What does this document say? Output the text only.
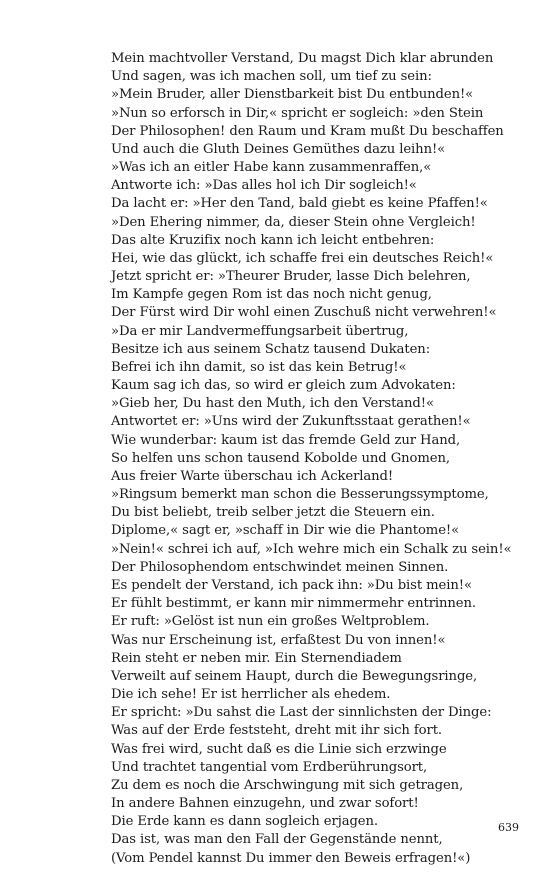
Mein machtvoller Verstand, Du magst Dich klar abrunden
Und sagen, was ich machen soll, um tief zu sein:
»Mein Bruder, aller Dienstbarkeit bist Du entbunden!«
»Nun so erforsch in Dir,« spricht er sogleich: »den Stein
Der Philosophen! den Raum und Kram mußt Du beschaffen
Und auch die Gluth Deines Gemüthes dazu leihn!«
»Was ich an eitler Habe kann zusammenraffen,«
Antworte ich: »Das alles hol ich Dir sogleich!«
Da lacht er: »Her den Tand, bald giebt es keine Pfaffen!«
»Den Ehering nimmer, da, dieser Stein ohne Vergleich!
Das alte Kruzifix noch kann ich leicht entbehren:
Hei, wie das glückt, ich schaffe frei ein deutsches Reich!«
Jetzt spricht er: »Theurer Bruder, lasse Dich belehren,
Im Kampfe gegen Rom ist das noch nicht genug,
Der Fürst wird Dir wohl einen Zuschuß nicht verwehren!«
»Da er mir Landvermeffungsarbeit übertrug,
Besitze ich aus seinem Schatz tausend Dukaten:
Befrei ich ihn damit, so ist das kein Betrug!«
Kaum sag ich das, so wird er gleich zum Advokaten:
»Gieb her, Du hast den Muth, ich den Verstand!«
Antwortet er: »Uns wird der Zukunftsstaat gerathen!«
Wie wunderbar: kaum ist das fremde Geld zur Hand,
So helfen uns schon tausend Kobolde und Gnomen,
Aus freier Warte überschau ich Ackerland!
»Ringsum bemerkt man schon die Besserungssymptome,
Du bist beliebt, treib selber jetzt die Steuern ein.
Diplome,« sagt er, »schaff in Dir wie die Phantome!«
»Nein!« schrei ich auf, »Ich wehre mich ein Schalk zu sein!«
Der Philosophendom entschwindet meinen Sinnen.
Es pendelt der Verstand, ich pack ihn: »Du bist mein!«
Er fühlt bestimmt, er kann mir nimmermehr entrinnen.
Er ruft: »Gelöst ist nun ein großes Weltproblem.
Was nur Erscheinung ist, erfaßtest Du von innen!«
Rein steht er neben mir. Ein Sternendiadem
Verweilt auf seinem Haupt, durch die Bewegungsringe,
Die ich sehe! Er ist herrlicher als ehedem.
Er spricht: »Du sahst die Last der sinnlichsten der Dinge:
Was auf der Erde feststeht, dreht mit ihr sich fort.
Was frei wird, sucht daß es die Linie sich erzwinge
Und trachtet tangential vom Erdberührungsort,
Zu dem es noch die Arschwingung mit sich getragen,
In andere Bahnen einzugehn, und zwar sofort!
Die Erde kann es dann sogleich erjagen.
Das ist, was man den Fall der Gegenstände nennt,
(Vom Pendel kannst Du immer den Beweis erfragen!«)
639
